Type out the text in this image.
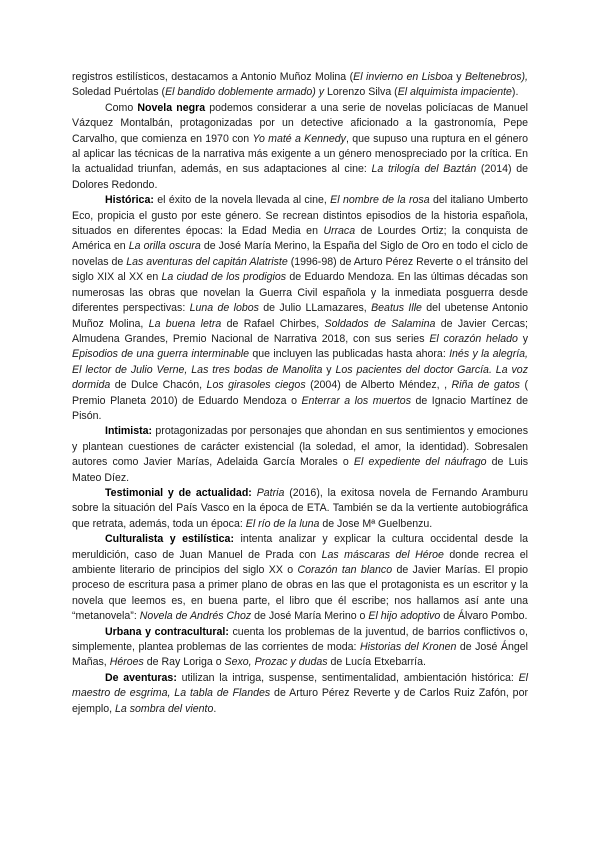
registros estilísticos, destacamos a Antonio Muñoz Molina (El invierno en Lisboa y Beltenebros), Soledad Puértolas (El bandido doblemente armado) y Lorenzo Silva (El alquimista impaciente).

Como Novela negra podemos considerar a una serie de novelas policíacas de Manuel Vázquez Montalbán, protagonizadas por un detective aficionado a la gastronomía, Pepe Carvalho, que comienza en 1970 con Yo maté a Kennedy, que supuso una ruptura en el género al aplicar las técnicas de la narrativa más exigente a un género menospreciado por la crítica. En la actualidad triunfan, además, en sus adaptaciones al cine: La trilogía del Baztán (2014) de Dolores Redondo.

Histórica: el éxito de la novela llevada al cine, El nombre de la rosa del italiano Umberto Eco, propicia el gusto por este género. Se recrean distintos episodios de la historia española, situados en diferentes épocas: la Edad Media en Urraca de Lourdes Ortiz; la conquista de América en La orilla oscura de José María Merino, la España del Siglo de Oro en todo el ciclo de novelas de Las aventuras del capitán Alatriste (1996-98) de Arturo Pérez Reverte o el tránsito del siglo XIX al XX en La ciudad de los prodigios de Eduardo Mendoza. En las últimas décadas son numerosas las obras que novelan la Guerra Civil española y la inmediata posguerra desde diferentes perspectivas: Luna de lobos de Julio LLamazares, Beatus Ille del ubetense Antonio Muñoz Molina, La buena letra de Rafael Chirbes, Soldados de Salamina de Javier Cercas; Almudena Grandes, Premio Nacional de Narrativa 2018, con sus series El corazón helado y Episodios de una guerra interminable que incluyen las publicadas hasta ahora: Inés y la alegría, El lector de Julio Verne, Las tres bodas de Manolita y Los pacientes del doctor García. La voz dormida de Dulce Chacón, Los girasoles ciegos (2004) de Alberto Méndez, , Riña de gatos ( Premio Planeta 2010) de Eduardo Mendoza o Enterrar a los muertos de Ignacio Martínez de Pisón.

Intimista: protagonizadas por personajes que ahondan en sus sentimientos y emociones y plantean cuestiones de carácter existencial (la soledad, el amor, la identidad). Sobresalen autores como Javier Marías, Adelaida García Morales o El expediente del náufrago de Luis Mateo Díez.

Testimonial y de actualidad: Patria (2016), la exitosa novela de Fernando Aramburu sobre la situación del País Vasco en la época de ETA. También se da la vertiente autobiográfica que retrata, además, toda un época: El río de la luna de Jose Mª Guelbenzu.

Culturalista y estilística: intenta analizar y explicar la cultura occidental desde la meruldición, caso de Juan Manuel de Prada con Las máscaras del Héroe donde recrea el ambiente literario de principios del siglo XX o Corazón tan blanco de Javier Marías. El propio proceso de escritura pasa a primer plano de obras en las que el protagonista es un escritor y la novela que leemos es, en buena parte, el libro que él escribe; nos hallamos así ante una “metanovela”: Novela de Andrés Choz de José María Merino o El hijo adoptivo de Álvaro Pombo.

Urbana y contracultural: cuenta los problemas de la juventud, de barrios conflictivos o, simplemente, plantea problemas de las corrientes de moda: Historias del Kronen de José Ángel Mañas, Héroes de Ray Loriga o Sexo, Prozac y dudas de Lucía Etxebarría.

De aventuras: utilizan la intriga, suspense, sentimentalidad, ambientación histórica: El maestro de esgrima, La tabla de Flandes de Arturo Pérez Reverte y de Carlos Ruiz Zafón, por ejemplo, La sombra del viento.
